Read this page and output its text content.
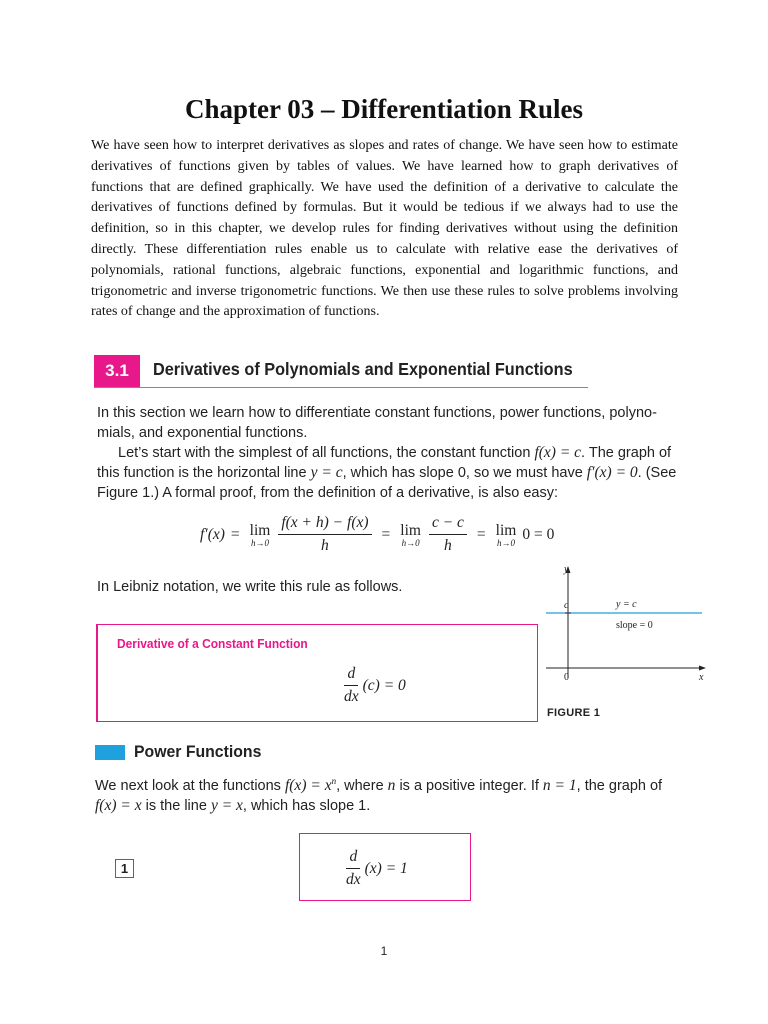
Chapter 03 – Differentiation Rules

We have seen how to interpret derivatives as slopes and rates of change. We have seen how to estimate derivatives of functions given by tables of values. We have learned how to graph derivatives of functions that are defined graphically. We have used the definition of a derivative to calculate the derivatives of functions defined by formulas. But it would be tedious if we always had to use the definition, so in this chapter, we develop rules for finding derivatives without using the definition directly. These differentiation rules enable us to calculate with relative ease the derivatives of polynomials, rational functions, algebraic functions, exponential and logarithmic functions, and trigonometric and inverse trigonometric functions. We then use these rules to solve problems involving rates of change and the approximation of functions.

3.1	Derivatives of Polynomials and Exponential Functions

In this section we learn how to differentiate constant functions, power functions, polyno-mials, and exponential functions.

Let’s start with the simplest of all functions, the constant function f(x) = c. The graph of this function is the horizontal line y = c, which has slope 0, so we must have f′(x) = 0. (See Figure 1.) A formal proof, from the definition of a derivative, is also easy:

f′(x) = lim
$h\to 0 \frac{f(x + h) - f(x)}{h} = \lim$
$h\to 0 \frac{c - c}{h} = \lim$
h→0 0 = 0

In Leibniz notation, we write this rule as follows.

Derivative of a Constant Function
$\frac{d}{dx} (c) = 0$
y
x
0
c	y = c
slope = 0
FIGURE 1
Power Functions

We next look at the functions $f(x) = x^n$, where n is a positive integer. If n = 1, the graph of f(x) = x is the line y = x, which has slope 1.

1	$\frac{d}{dx} (x) = 1$
1
